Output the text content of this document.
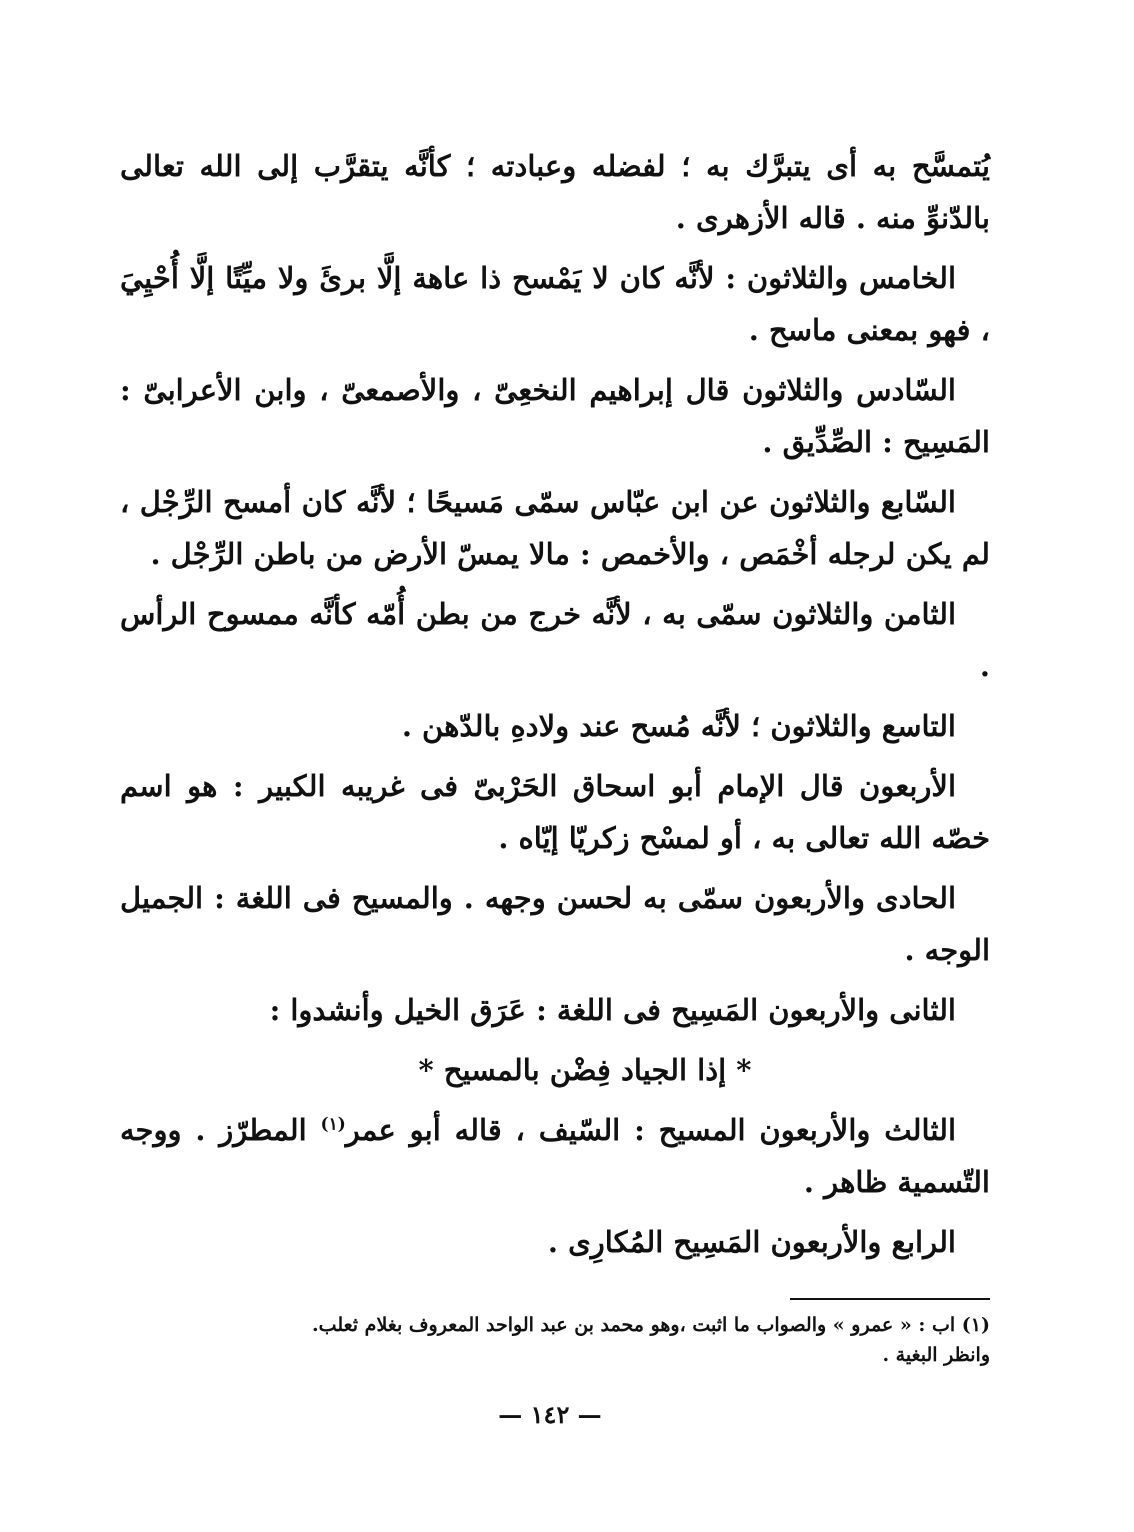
يُتمسَّح به أى يتبرَّك به ؛ لفضله وعبادته ؛ كأنَّه يتقرَّب إلى الله تعالى بالدّنوِّ منه . قاله الأزهرى .

الخامس والثلاثون : لأنَّه كان لا يَمْسح ذا عاهة إلَّا برئَ ولا ميِّتًا إلَّا أُحْيِيَ ، فهو بمعنى ماسح .

السّادس والثلاثون قال إبراهيم النخعِىّ ، والأصمعىّ ، وابن الأعرابىّ : المَسِيح : الصِّدِّيق .

السّابع والثلاثون عن ابن عبّاس سمّى مَسيحًا ؛ لأنَّه كان أمسح الرِّجْل ، لم يكن لرجله أخْمَص ، والأخمص : مالا يمسّ الأرض من باطن الرِّجْل .

الثامن والثلاثون سمّى به ، لأنَّه خرج من بطن أُمّه كأنَّه ممسوح الرأس .

التاسع والثلاثون ؛ لأنَّه مُسح عند ولادهِ بالدّهن .

الأربعون قال الإمام أبو اسحاق الحَرْبىّ فى غريبه الكبير : هو اسم خصّه الله تعالى به ، أو لمسْح زكريّا إيّاه .

الحادى والأربعون سمّى به لحسن وجهه . والمسيح فى اللغة : الجميل الوجه .

الثانى والأربعون المَسِيح فى اللغة : عَرَق الخيل وأنشدوا :

* إذا الجياد فِضْن بالمسيح *

الثالث والأربعون المسيح : السّيف ، قاله أبو عمر$^{(١)}$ المطرّز . ووجه التّسمية ظاهر .

الرابع والأربعون المَسِيح المُكارِى .

(١) اب : « عمرو » والصواب ما اثبت ،وهو محمد بن عبد الواحد المعروف بغلام ثعلب.
وانظر البغية .
— ١٤٢ —
